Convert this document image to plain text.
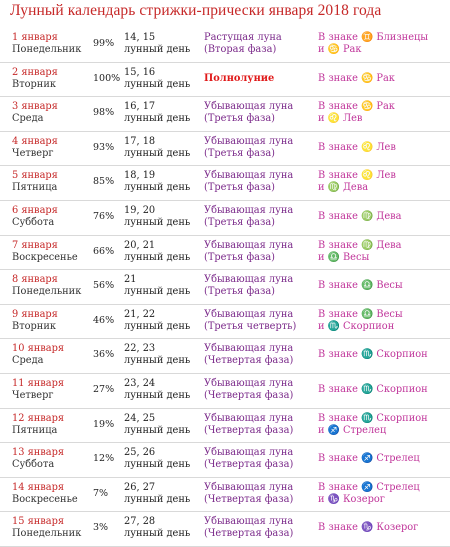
Лунный календарь стрижки-прически января 2018 года
1 января
Понедельник
99%
14, 15
лунный день
Растущая луна
(Вторая фаза)
В знаке ♊ Близнецы
и ♋ Рак
2 января
Вторник
100%
15, 16
лунный день
Полнолуние	В знаке ♋ Рак
3 января
Среда
98%
16, 17
лунный день
Убывающая луна
(Третья фаза)
В знаке ♋ Рак
и ♌ Лев
4 января
Четверг
93%
17, 18
лунный день
Убывающая луна
(Третья фаза)
В знаке ♌ Лев
5 января
Пятница
85%
18, 19
лунный день
Убывающая луна
(Третья фаза)
В знаке ♌ Лев
и ♍ Дева
6 января
Суббота
76%
19, 20
лунный день
Убывающая луна
(Третья фаза)
В знаке ♍ Дева
7 января
Воскресенье
66%
20, 21
лунный день
Убывающая луна
(Третья фаза)
В знаке ♍ Дева
и ♎ Весы
8 января
Понедельник
56%
21
лунный день
Убывающая луна
(Третья фаза)
В знаке ♎ Весы
9 января
Вторник
46%
21, 22
лунный день
Убывающая луна
(Третья четверть)
В знаке ♎ Весы
и ♏ Скорпион
10 января
Среда
36%
22, 23
лунный день
Убывающая луна
(Четвертая фаза)
В знаке ♏ Скорпион
11 января
Четверг
27%
23, 24
лунный день
Убывающая луна
(Четвертая фаза)
В знаке ♏ Скорпион
12 января
Пятница
19%
24, 25
лунный день
Убывающая луна
(Четвертая фаза)
В знаке ♏ Скорпион
и ♐ Стрелец
13 января
Суббота
12%
25, 26
лунный день
Убывающая луна
(Четвертая фаза)
В знаке ♐ Стрелец
14 января
Воскресенье
7%
26, 27
лунный день
Убывающая луна
(Четвертая фаза)
В знаке ♐ Стрелец
и ♑ Козерог
15 января
Понедельник
3%
27, 28
лунный день
Убывающая луна
(Четвертая фаза)
В знаке ♑ Козерог
